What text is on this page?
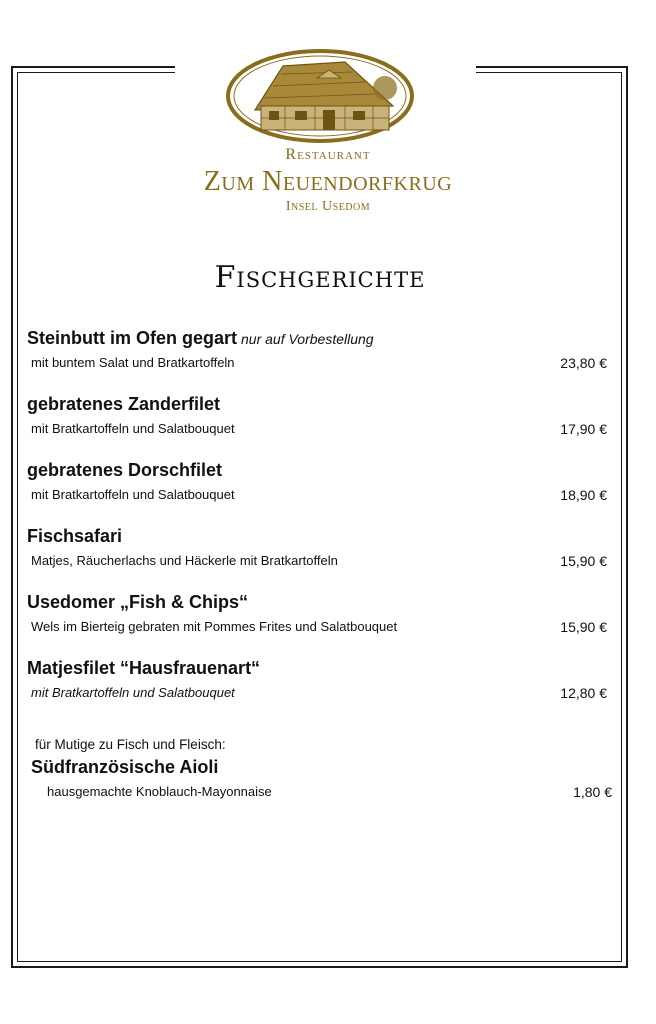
Restaurant
Zum Neuendorfkrug
Insel Usedom
Fischgerichte
Steinbutt im Ofen gegart nur auf Vorbestellung
mit buntem Salat und Bratkartoffeln	23,80 €
gebratenes Zanderfilet
mit Bratkartoffeln und Salatbouquet	17,90 €
gebratenes Dorschfilet
mit Bratkartoffeln und Salatbouquet	18,90 €
Fischsafari
Matjes, Räucherlachs und Häckerle mit Bratkartoffeln	15,90 €
Usedomer „Fish & Chips“
Wels im Bierteig gebraten mit Pommes Frites und Salatbouquet	15,90 €
Matjesfilet “Hausfrauenart“
mit Bratkartoffeln und Salatbouquet	12,80 €
für Mutige zu Fisch und Fleisch:
Südfranzösische Aioli
hausgemachte Knoblauch-Mayonnaise	1,80 €
